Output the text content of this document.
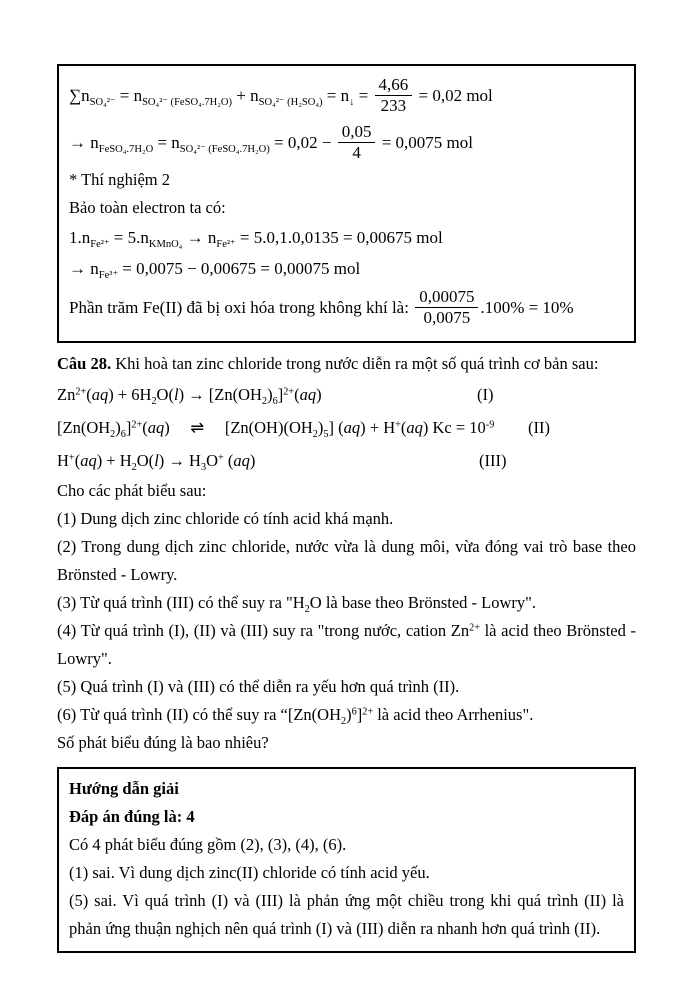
$\sum n_{SO_4^{2-}} = n_{SO_4^{2-} (FeSO_4.7H_2O)} + n_{SO_4^{2-} (H_2SO_4)} = n_↓ = \frac{4,66}{233} = 0,02$ mol
→ $n_{FeSO_4.7H_2O} = n_{SO_4^{2-} (FeSO_4.7H_2O)} = 0,02 - \frac{0,05}{4} = 0,0075$ mol

* Thí nghiệm 2

Bảo toàn electron ta có:

$1.n_{Fe^{2+}} = 5.n_{KMnO_4} \to n_{Fe^{2+}} = 5.0,1.0,0135 = 0,00675$ mol
→ $n_{Fe^{3+}} = 0,0075 - 0,00675 = 0,00075$ mol
Phần trăm Fe(II) đã bị oxi hóa trong không khí là: $\frac{0,00075}{0,0075} .100\% = 10\%$

Câu 28. Khi hoà tan zinc chloride trong nước diễn ra một số quá trình cơ bản sau:

$Zn^{2+}(aq) + 6H_2O(l) \to [Zn(OH_2)_6]^{2+}(aq)$	(I)
$[Zn(OH_2)_6]^{2+}(aq)$  ⇌  $[Zn(OH)(OH_2)_5] (aq) + H^+(aq) Kc = 10^{-9}$ (II)
$H^+(aq) + H_2O(l) \to H_3O^+$ (aq)	(III)

Cho các phát biểu sau:

(1) Dung dịch zinc chloride có tính acid khá mạnh.

(2) Trong dung dịch zinc chloride, nước vừa là dung môi, vừa đóng vai trò base theo Brönsted - Lowry.

(3) Từ quá trình (III) có thể suy ra "$H_2O$ là base theo Brönsted - Lowry".

(4) Từ quá trình (I), (II) và (III) suy ra "trong nước, cation $Zn^{2+}$ là acid theo Brönsted - Lowry".

(5) Quá trình (I) và (III) có thể diễn ra yếu hơn quá trình (II).

(6) Từ quá trình (II) có thể suy ra “$[Zn(OH_2)^6]^{2+}$ là acid theo Arrhenius".

Số phát biểu đúng là bao nhiêu?

Hướng dẫn giải

Đáp án đúng là: 4

Có 4 phát biểu đúng gồm (2), (3), (4), (6).

(1) sai. Vì dung dịch zinc(II) chloride có tính acid yếu.

(5) sai. Vì quá trình (I) và (III) là phản ứng một chiều trong khi quá trình (II) là phản ứng thuận nghịch nên quá trình (I) và (III) diễn ra nhanh hơn quá trình (II).
